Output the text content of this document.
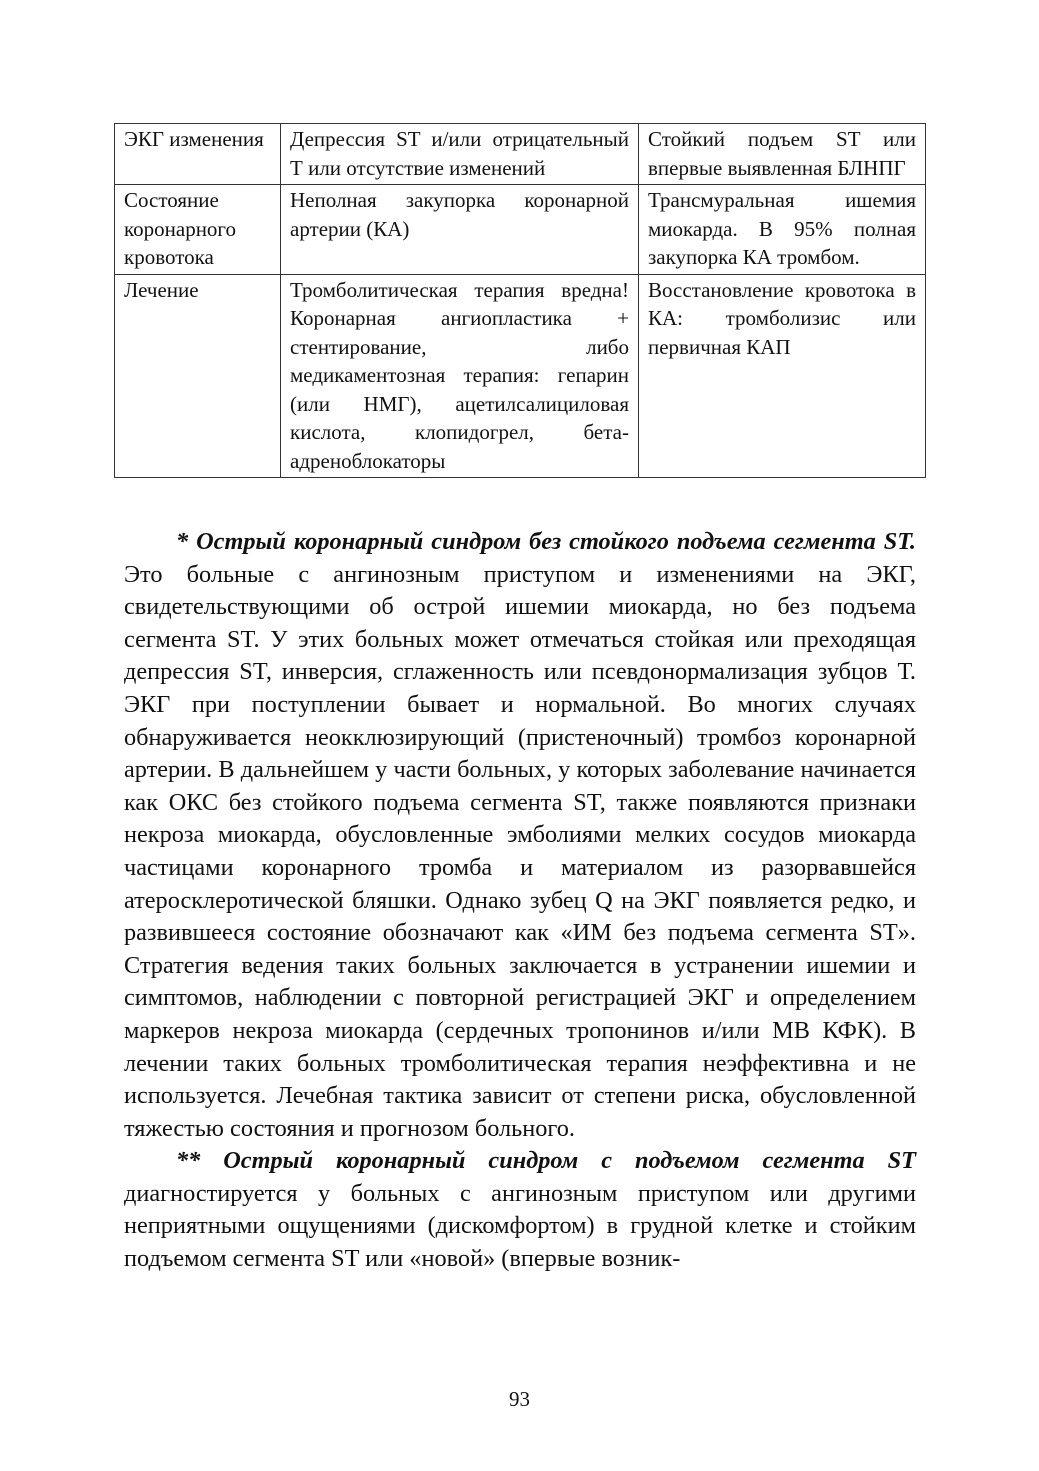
ЭКГ изменения	Депрессия ST и/или отрицательный Т или отсутствие изменений	Стойкий подъем ST или впервые выявленная БЛНПГ
Состояние коронарного кровотока	Неполная закупорка коронарной артерии (КА)	Трансмуральная ишемия миокарда. В 95% полная закупорка КА тромбом.
Лечение	Тромболитическая терапия вредна! Коронарная ангиопластика + стентирование, либо медикаментозная терапия: гепарин (или НМГ), ацетилсалициловая кислота, клопидогрел, бета-адреноблокаторы	Восстановление кровотока в КА: тромболизис или первичная КАП

* Острый коронарный синдром без стойкого подъема сегмента ST. Это больные с ангинозным приступом и изменениями на ЭКГ, свидетельствующими об острой ишемии миокарда, но без подъема сегмента ST. У этих больных может отмечаться стойкая или преходящая депрессия ST, инверсия, сглаженность или псевдонормализация зубцов Т. ЭКГ при поступлении бывает и нормальной. Во многих случаях обнаруживается неокклюзирующий (пристеночный) тромбоз коронарной артерии. В дальнейшем у части больных, у которых заболевание начинается как ОКС без стойкого подъема сегмента ST, также появляются признаки некроза миокарда, обусловленные эмболиями мелких сосудов миокарда частицами коронарного тромба и материалом из разорвавшейся атеросклеротической бляшки. Однако зубец Q на ЭКГ появляется редко, и развившееся состояние обозначают как «ИМ без подъема сегмента ST». Стратегия ведения таких больных заключается в устранении ишемии и симптомов, наблюдении с повторной регистрацией ЭКГ и определением маркеров некроза миокарда (сердечных тропонинов и/или МВ КФК). В лечении таких больных тромболитическая терапия неэффективна и не используется. Лечебная тактика зависит от степени риска, обусловленной тяжестью состояния и прогнозом больного.

** Острый коронарный синдром с подъемом сегмента ST диагностируется у больных с ангинозным приступом или другими неприятными ощущениями (дискомфортом) в грудной клетке и стойким подъемом сегмента ST или «новой» (впервые возник-

93
